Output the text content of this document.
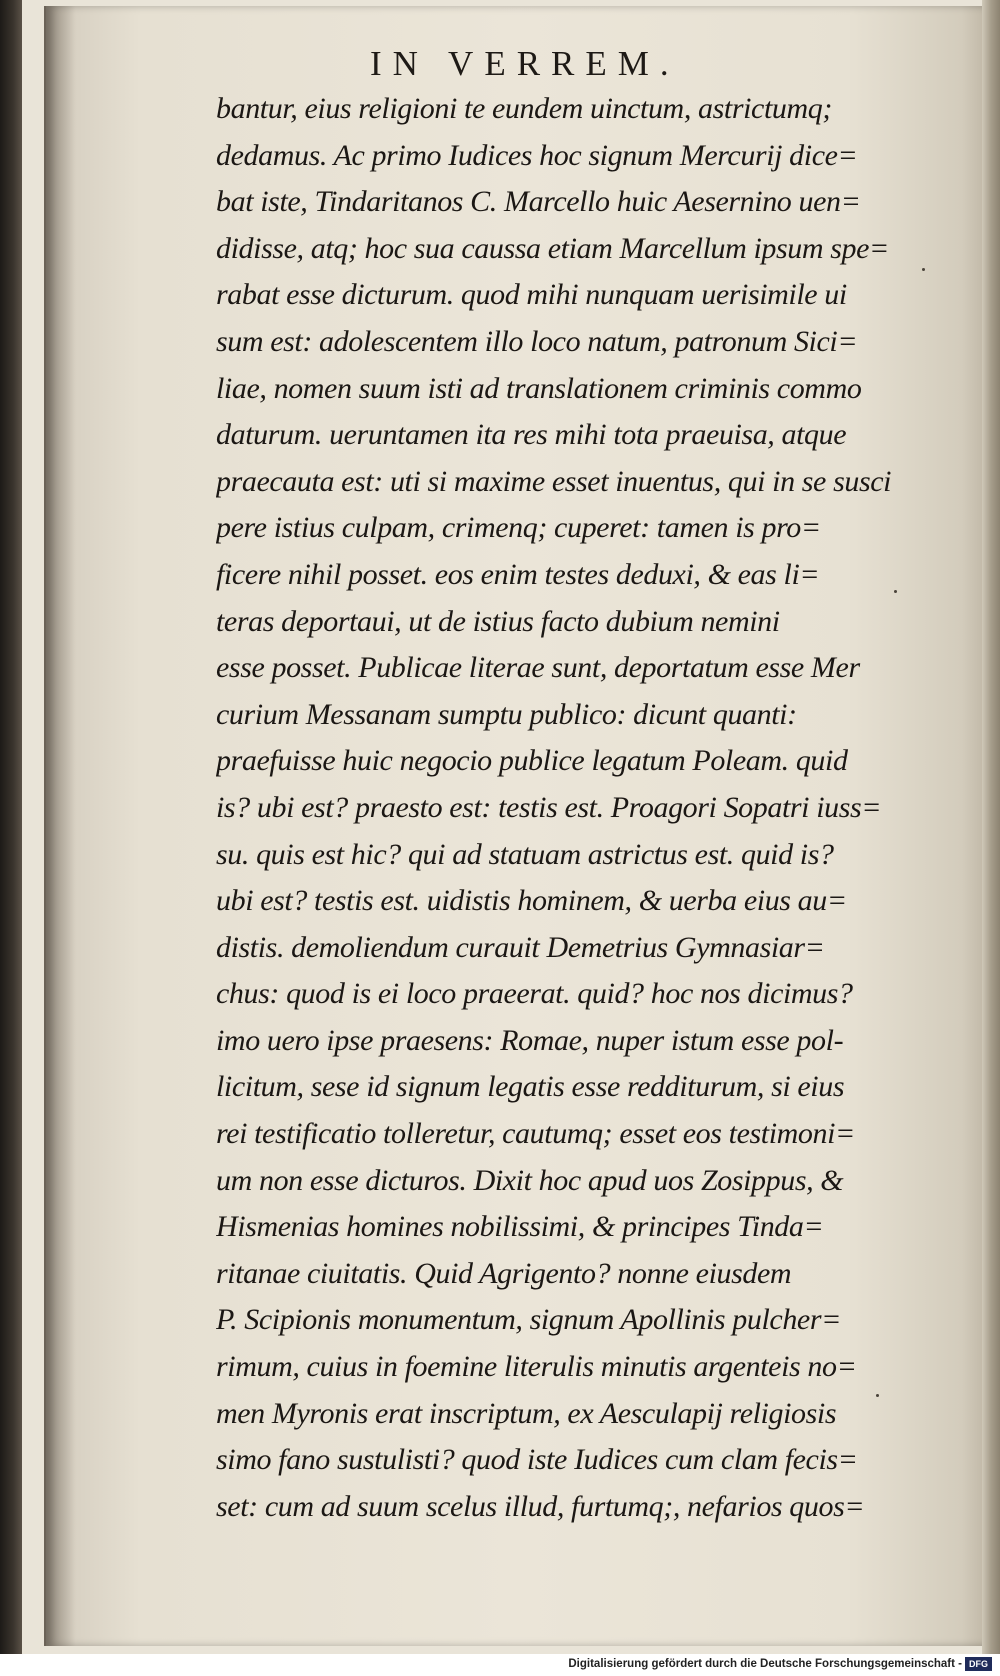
IN VERREM.
bantur, eius religioni te eundem uinctum, astrictumq;
dedamus. Ac primo Iudices hoc signum Mercurij dice=
bat iste, Tindaritanos C. Marcello huic Aesernino uen=
didisse, atq; hoc sua caussa etiam Marcellum ipsum spe=
rabat esse dicturum. quod mihi nunquam uerisimile ui
sum est: adolescentem illo loco natum, patronum Sici=
liae, nomen suum isti ad translationem criminis commo
daturum. ueruntamen ita res mihi tota praeuisa, atque
praecauta est: uti si maxime esset inuentus, qui in se susci
pere istius culpam, crimenq; cuperet: tamen is pro=
ficere nihil posset. eos enim testes deduxi, & eas li=
teras deportaui, ut de istius facto dubium nemini
esse posset. Publicae literae sunt, deportatum esse Mer
curium Messanam sumptu publico: dicunt quanti:
praefuisse huic negocio publice legatum Poleam. quid
is? ubi est? praesto est: testis est. Proagori Sopatri iuss=
su. quis est hic? qui ad statuam astrictus est. quid is?
ubi est? testis est. uidistis hominem, & uerba eius au=
distis. demoliendum curauit Demetrius Gymnasiar=
chus: quod is ei loco praeerat. quid? hoc nos dicimus?
imo uero ipse praesens: Romae, nuper istum esse pol-
licitum, sese id signum legatis esse redditurum, si eius
rei testificatio tolleretur, cautumq; esset eos testimoni=
um non esse dicturos. Dixit hoc apud uos Zosippus, &
Hismenias homines nobilissimi, & principes Tinda=
ritanae ciuitatis. Quid Agrigento? nonne eiusdem
P. Scipionis monumentum, signum Apollinis pulcher=
rimum, cuius in foemine literulis minutis argenteis no=
men Myronis erat inscriptum, ex Aesculapij religiosis
simo fano sustulisti? quod iste Iudices cum clam fecis=
set: cum ad suum scelus illud, furtumq;, nefarios quos=
Digitalisierung gefördert durch die Deutsche Forschungsgemeinschaft - DFG
